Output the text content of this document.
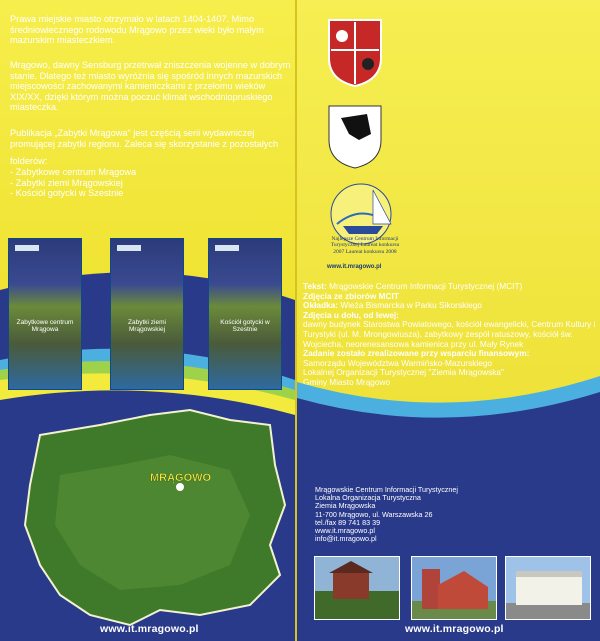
Prawa miejskie miasto otrzymało w latach 1404-1407. Mimo średniowiecznego rodowodu Mrągowo przez wieki było małym mazurskim miasteczkiem.

Mrągowo, dawny Sensburg przetrwał zniszczenia wojenne w dobrym stanie. Dlatego też miasto wyróżnia się spośród innych mazurskich miejscowości zachowanymi kamieniczkami z przełomu wieków XIX/XX, dzięki którym można poczuć klimat wschodniopruskiego miasteczka.

Publikacja „Zabytki Mrągowa" jest częścią serii wydawniczej promującej zabytki regionu. Zaleca się skorzystanie z pozostałych

folderów:

- Zabytkowe centrum Mrągowa
- Zabytki ziemi Mrągowskiej
- Kościół gotycki w Szestnie
Zabytkowe centrum Mrągowa
Zabytki ziemi Mrągowskiej
Kościół gotycki w Szestnie
MRĄGOWO
www.it.mragowo.pl
Najlepsze Centrum Informacji Turystycznej Laureat konkursu 2007 Laureat konkursu 2008
www.it.mragowo.pl

Tekst: Mrągowskie Centrum Informacji Turystycznej (MCIT)

Zdjęcia ze zbiorów MCIT

Okładka: Wieża Bismarcka w Parku Sikorskiego

Zdjęcia u dołu, od lewej:

dawny budynek Starostwa Powiatowego, kościół ewangelicki, Centrum Kultury i Turystyki (ul. M. Mrongowiusza), zabytkowy zespół ratuszowy, kościół św. Wojciecha, neorenesansowa kamienica przy ul. Mały Rynek

Zadanie zostało zrealizowane przy wsparciu finansowym:

Samorządu Województwa Warmińsko-Mazurskiego

Lokalnej Organizacji Turystycznej "Ziemia Mrągowska"

Gminy Miasto Mrągowo

Mrągowskie Centrum Informacji Turystycznej

Lokalna Organizacja Turystyczna

Ziemia Mrągowska

11-700 Mrągowo, ul. Warszawska 26

tel./fax 89 741 83 39

www.it.mragowo.pl

info@it.mragowo.pl

www.it.mragowo.pl
